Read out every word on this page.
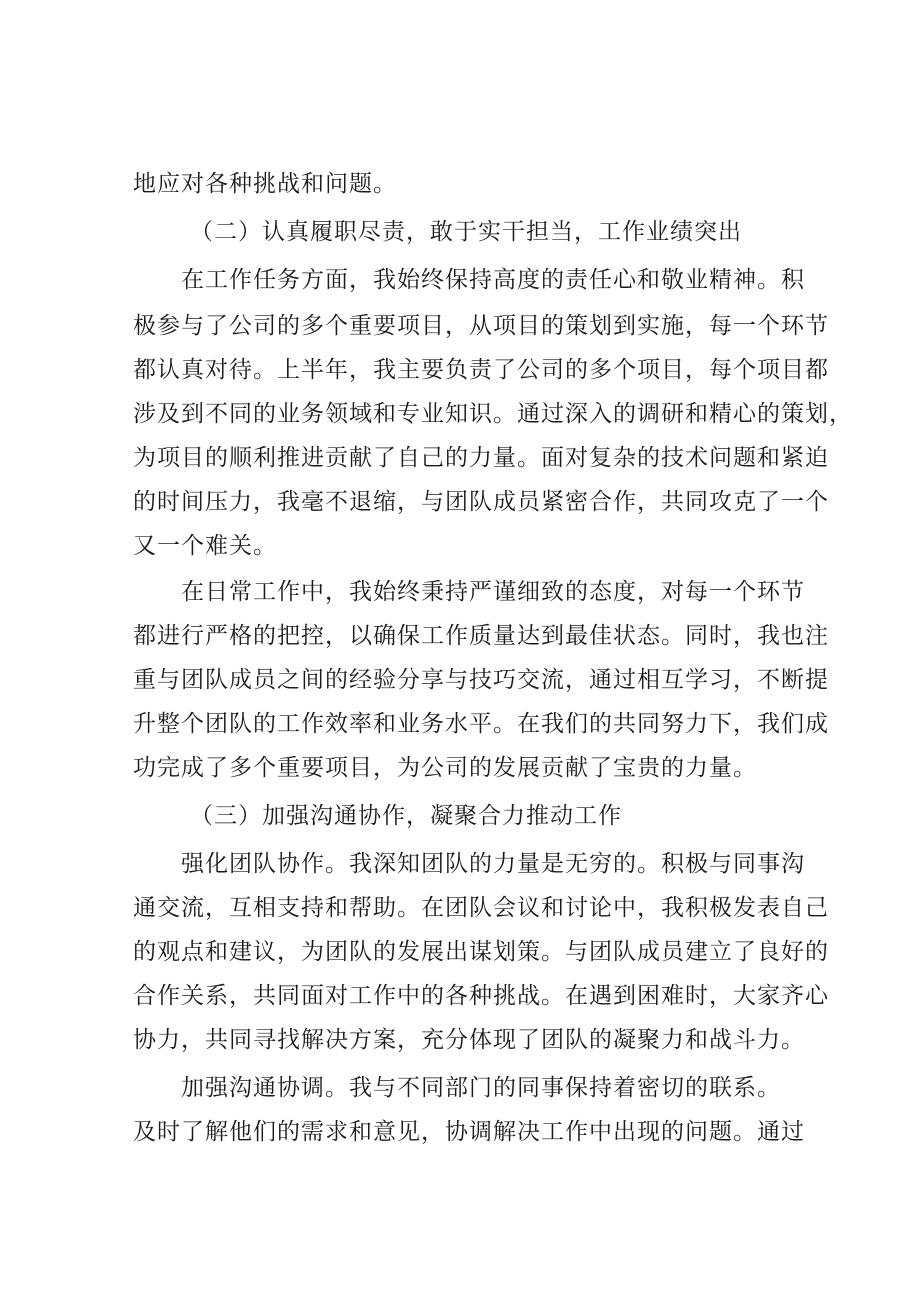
地应对各种挑战和问题。
（二）认真履职尽责，敢于实干担当，工作业绩突出
在工作任务方面，我始终保持高度的责任心和敬业精神。积
极参与了公司的多个重要项目，从项目的策划到实施，每一个环节
都认真对待。上半年，我主要负责了公司的多个项目，每个项目都
涉及到不同的业务领域和专业知识。通过深入的调研和精心的策划，
为项目的顺利推进贡献了自己的力量。面对复杂的技术问题和紧迫
的时间压力，我毫不退缩，与团队成员紧密合作，共同攻克了一个
又一个难关。
在日常工作中，我始终秉持严谨细致的态度，对每一个环节
都进行严格的把控，以确保工作质量达到最佳状态。同时，我也注
重与团队成员之间的经验分享与技巧交流，通过相互学习，不断提
升整个团队的工作效率和业务水平。在我们的共同努力下，我们成
功完成了多个重要项目，为公司的发展贡献了宝贵的力量。
（三）加强沟通协作，凝聚合力推动工作
强化团队协作。我深知团队的力量是无穷的。积极与同事沟
通交流，互相支持和帮助。在团队会议和讨论中，我积极发表自己
的观点和建议，为团队的发展出谋划策。与团队成员建立了良好的
合作关系，共同面对工作中的各种挑战。在遇到困难时，大家齐心
协力，共同寻找解决方案，充分体现了团队的凝聚力和战斗力。
加强沟通协调。我与不同部门的同事保持着密切的联系。
及时了解他们的需求和意见，协调解决工作中出现的问题。通过
